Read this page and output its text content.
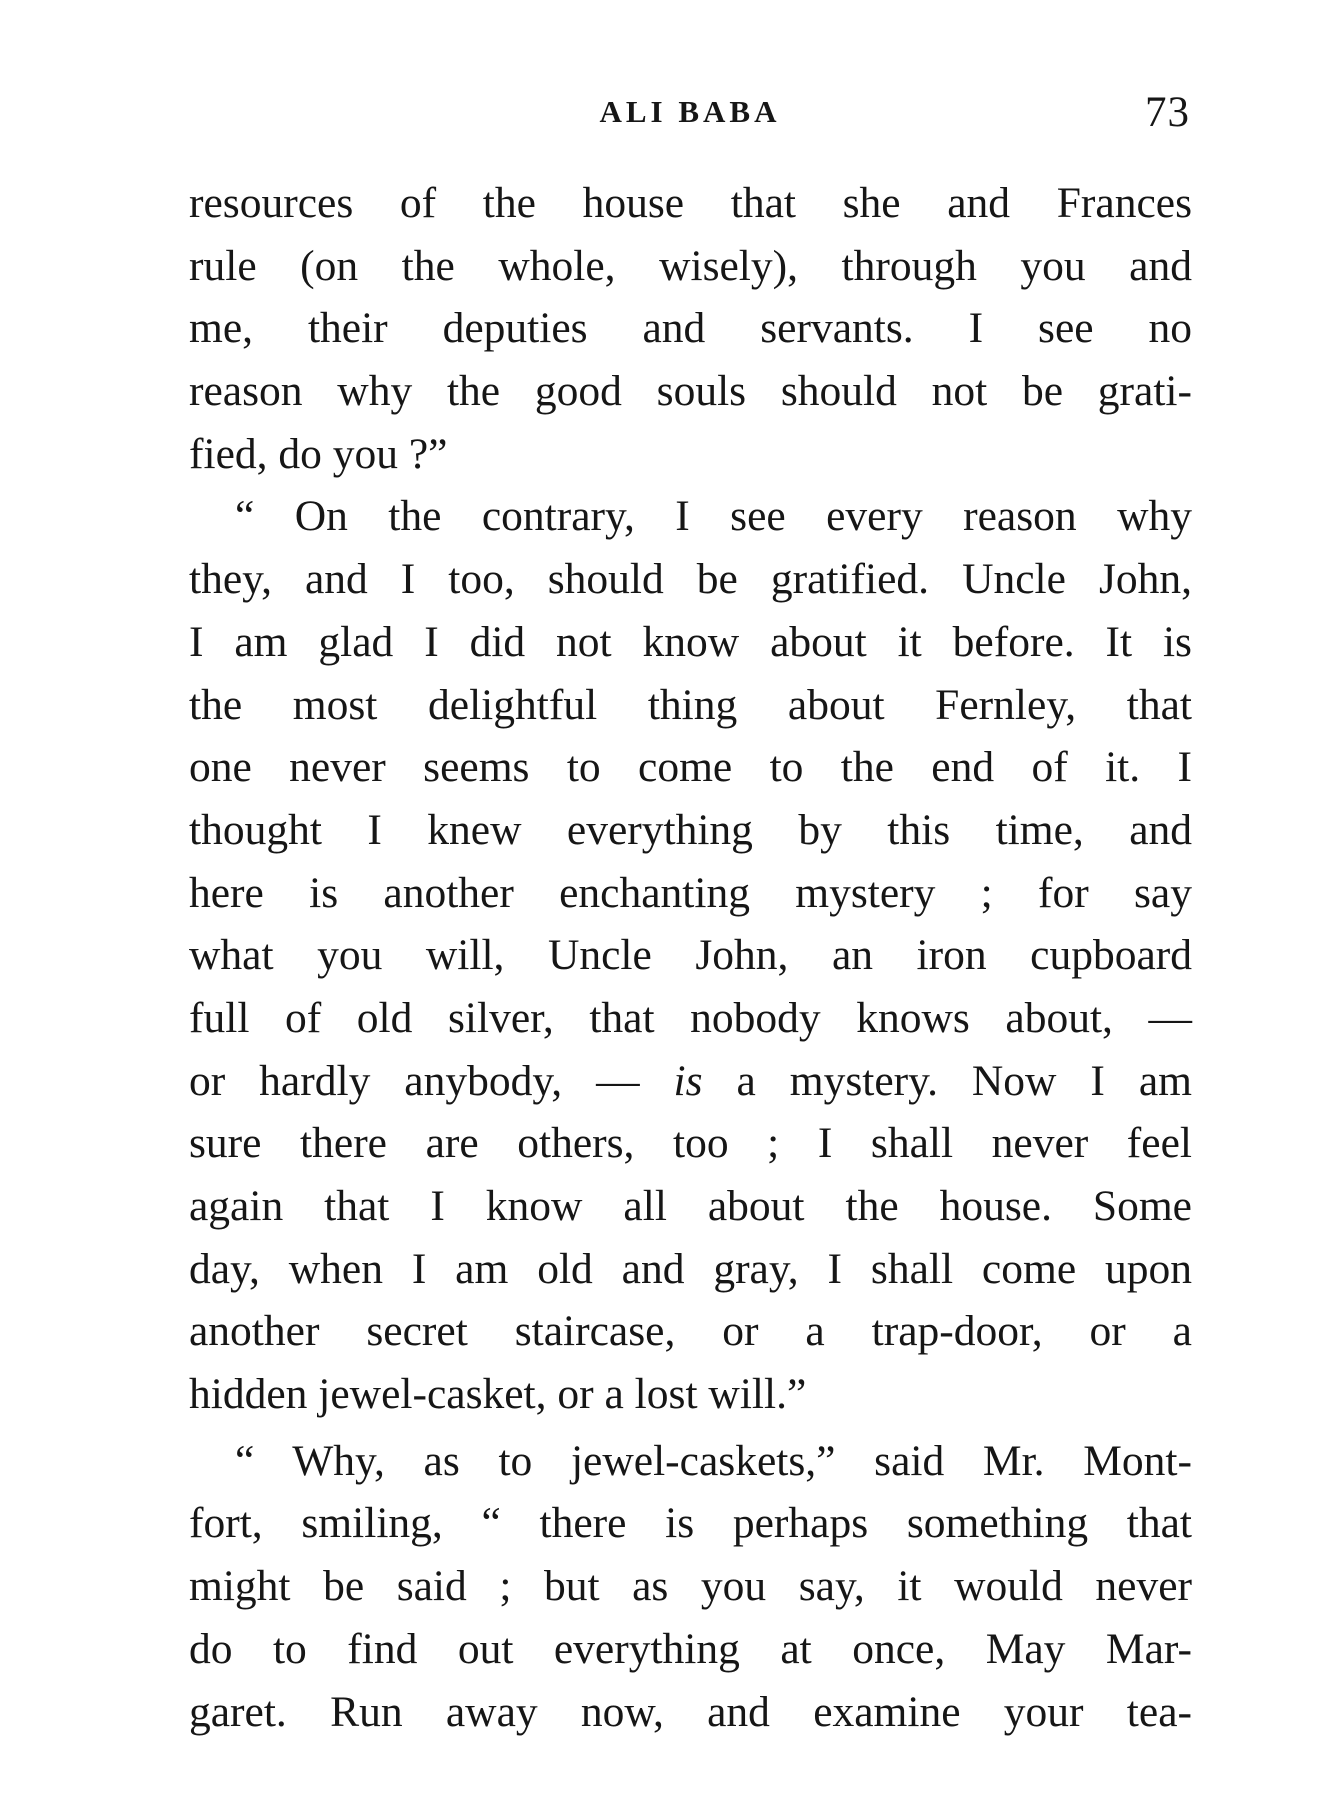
ALI BABA	73
resources of the house that she and Frances
rule (on the whole, wisely), through you and
me, their deputies and servants. I see no
reason why the good souls should not be grati-
fied, do you ?”
“ On the contrary, I see every reason why
they, and I too, should be gratified. Uncle John,
I am glad I did not know about it before. It is
the most delightful thing about Fernley, that
one never seems to come to the end of it. I
thought I knew everything by this time, and
here is another enchanting mystery ; for say
what you will, Uncle John, an iron cupboard
full of old silver, that nobody knows about, —
or hardly anybody, — is a mystery. Now I am
sure there are others, too ; I shall never feel
again that I know all about the house. Some
day, when I am old and gray, I shall come upon
another secret staircase, or a trap-door, or a
hidden jewel-casket, or a lost will.”
“ Why, as to jewel-caskets,” said Mr. Mont-
fort, smiling, “ there is perhaps something that
might be said ; but as you say, it would never
do to find out everything at once, May Mar-
garet. Run away now, and examine your tea-
